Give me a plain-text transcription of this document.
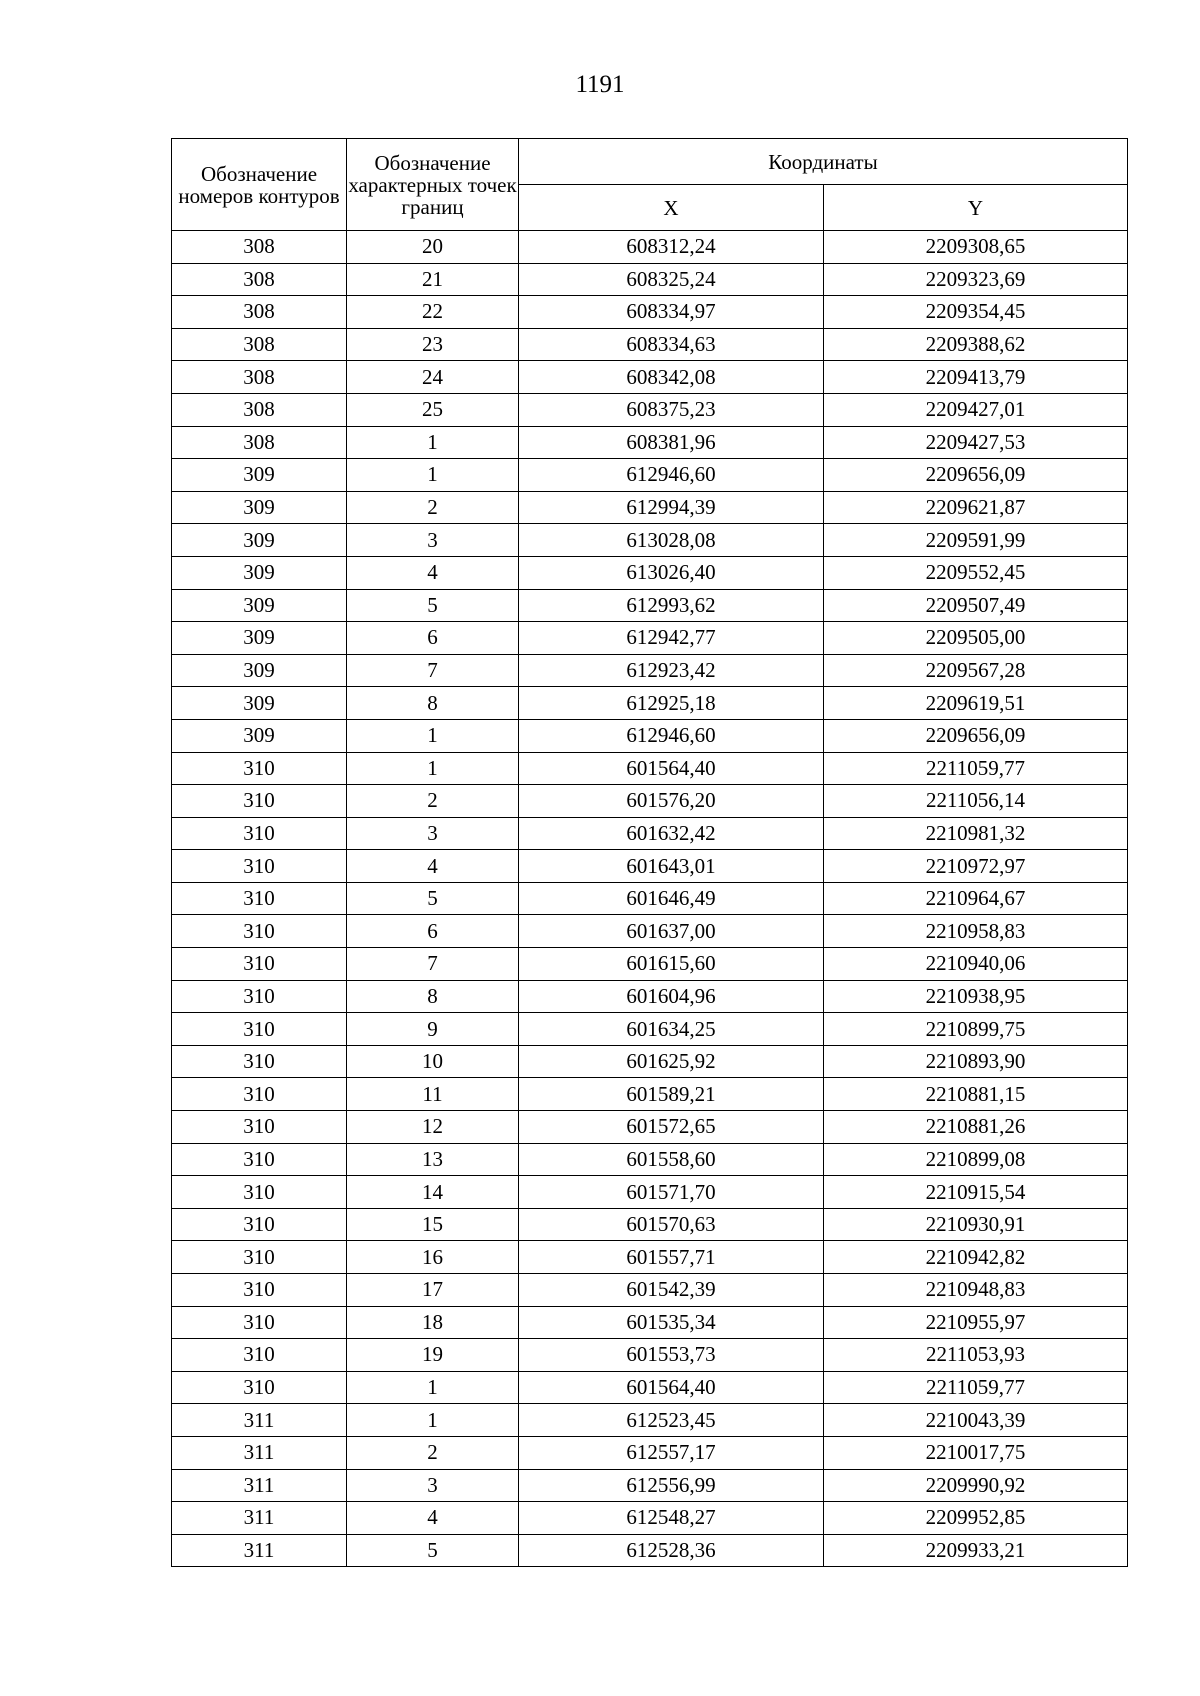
1191
Обозначение номеров контуров	Обозначение характерных точек границ	Координаты	
		X	Y
308	20	608312,24	2209308,65
308	21	608325,24	2209323,69
308	22	608334,97	2209354,45
308	23	608334,63	2209388,62
308	24	608342,08	2209413,79
308	25	608375,23	2209427,01
308	1	608381,96	2209427,53
309	1	612946,60	2209656,09
309	2	612994,39	2209621,87
309	3	613028,08	2209591,99
309	4	613026,40	2209552,45
309	5	612993,62	2209507,49
309	6	612942,77	2209505,00
309	7	612923,42	2209567,28
309	8	612925,18	2209619,51
309	1	612946,60	2209656,09
310	1	601564,40	2211059,77
310	2	601576,20	2211056,14
310	3	601632,42	2210981,32
310	4	601643,01	2210972,97
310	5	601646,49	2210964,67
310	6	601637,00	2210958,83
310	7	601615,60	2210940,06
310	8	601604,96	2210938,95
310	9	601634,25	2210899,75
310	10	601625,92	2210893,90
310	11	601589,21	2210881,15
310	12	601572,65	2210881,26
310	13	601558,60	2210899,08
310	14	601571,70	2210915,54
310	15	601570,63	2210930,91
310	16	601557,71	2210942,82
310	17	601542,39	2210948,83
310	18	601535,34	2210955,97
310	19	601553,73	2211053,93
310	1	601564,40	2211059,77
311	1	612523,45	2210043,39
311	2	612557,17	2210017,75
311	3	612556,99	2209990,92
311	4	612548,27	2209952,85
311	5	612528,36	2209933,21
